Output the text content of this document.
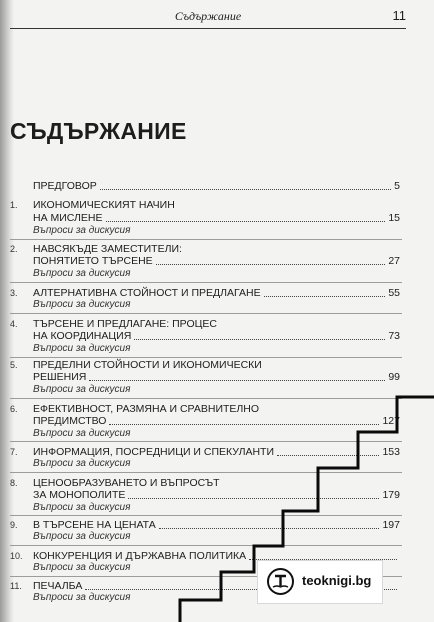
Съдържание	11
СЪДЪРЖАНИЕ
ПРЕДГОВОР	5
1. ИКОНОМИЧЕСКИЯТ НАЧИН
НА МИСЛЕНЕ	15
Въпроси за дискусия
2. НАВСЯКЪДЕ ЗАМЕСТИТЕЛИ:
ПОНЯТИЕТО ТЪРСЕНЕ	27
Въпроси за дискусия
3. АЛТЕРНАТИВНА СТОЙНОСТ И ПРЕДЛАГАНЕ	55
Въпроси за дискусия
4. ТЪРСЕНЕ И ПРЕДЛАГАНЕ: ПРОЦЕС
НА КООРДИНАЦИЯ	73
Въпроси за дискусия
5. ПРЕДЕЛНИ СТОЙНОСТИ И ИКОНОМИЧЕСКИ
РЕШЕНИЯ	99
Въпроси за дискусия
6. ЕФЕКТИВНОСТ, РАЗМЯНА И СРАВНИТЕЛНО
ПРЕДИМСТВО	127
Въпроси за дискусия
7. ИНФОРМАЦИЯ, ПОСРЕДНИЦИ И СПЕКУЛАНТИ	153
Въпроси за дискусия
8. ЦЕНООБРАЗУВАНЕТО И ВЪПРОСЪТ
ЗА МОНОПОЛИТЕ	179
Въпроси за дискусия
9. В ТЪРСЕНЕ НА ЦЕНАТА	197
Въпроси за дискусия
10. КОНКУРЕНЦИЯ И ДЪРЖАВНА ПОЛИТИКА
Въпроси за дискусия
11. ПЕЧАЛБА
Въпроси за дискусия
teoknigi.bg
